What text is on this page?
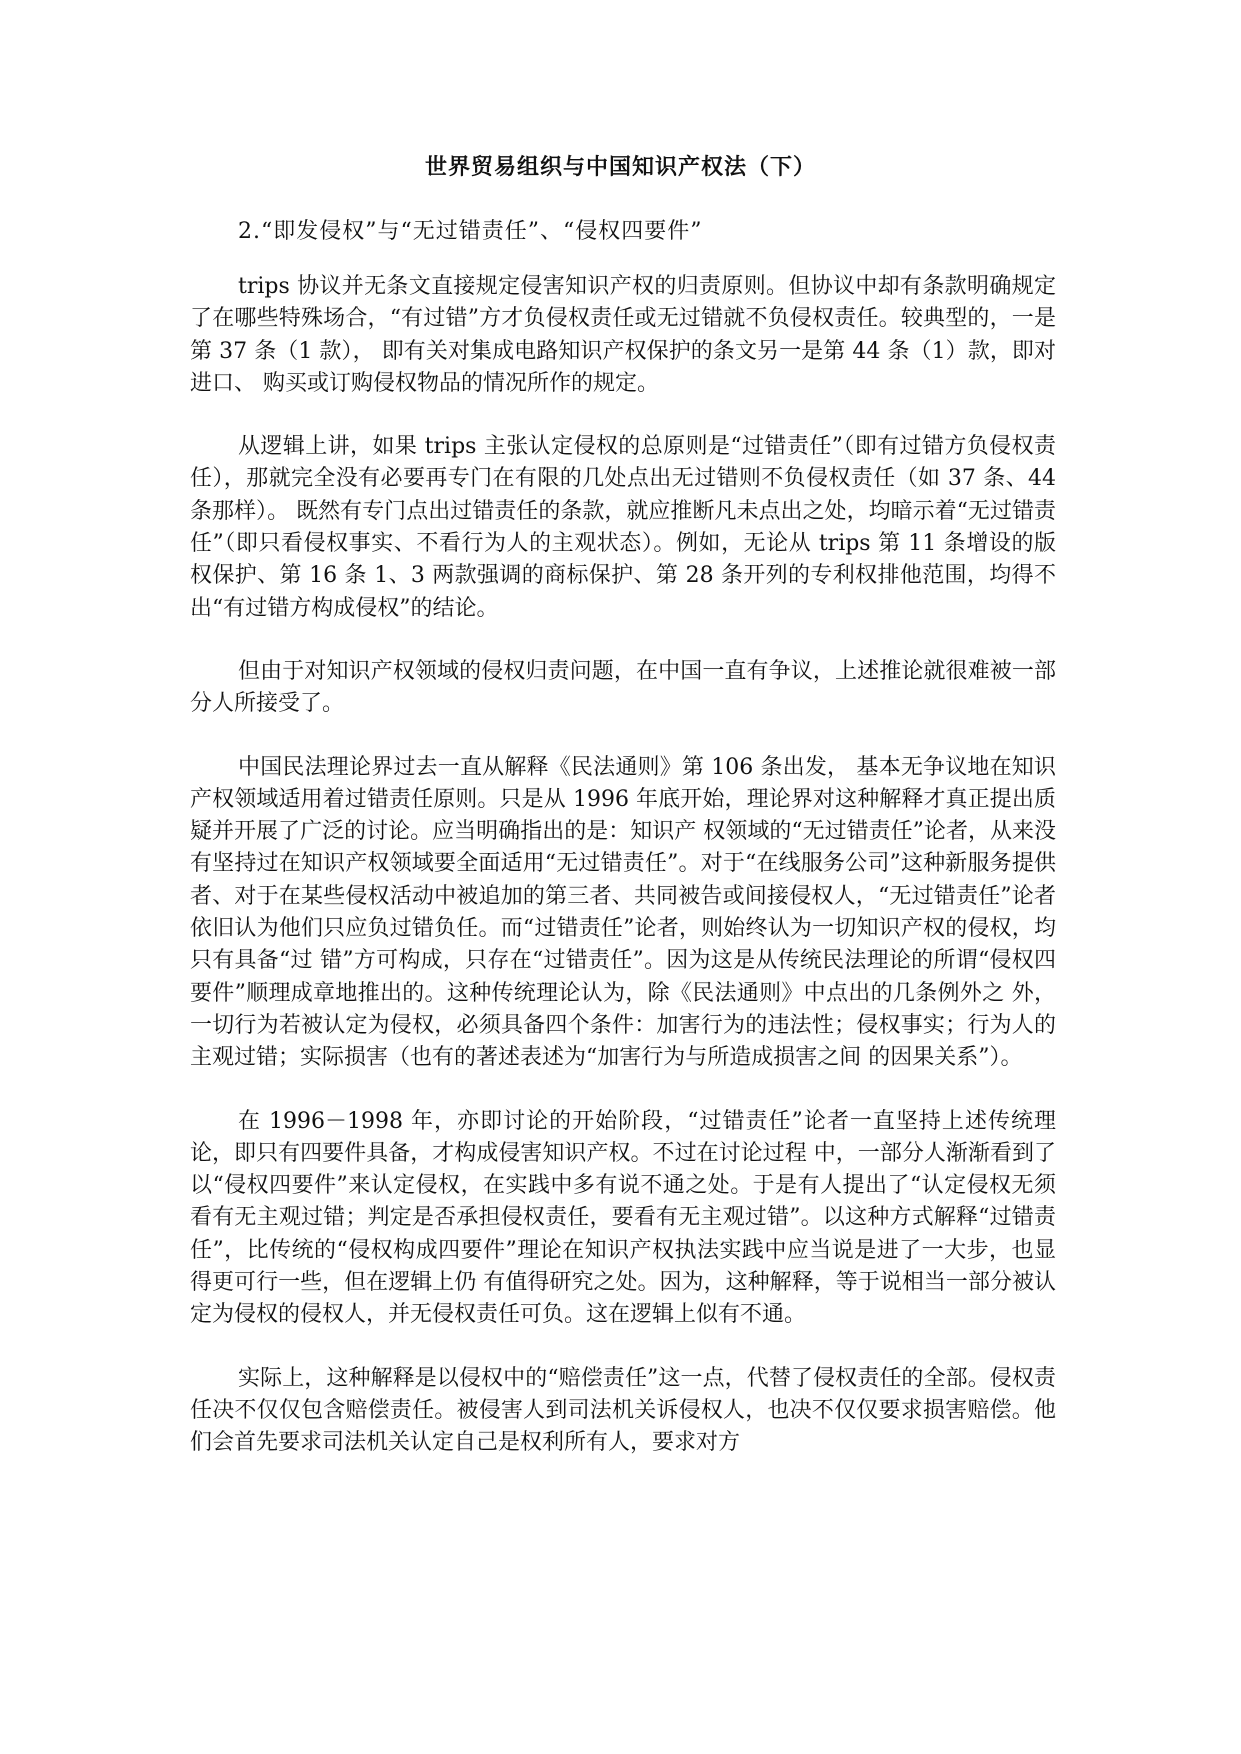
世界贸易组织与中国知识产权法（下）

2.“即发侵权”与“无过错责任”、“侵权四要件”

trips 协议并无条文直接规定侵害知识产权的归责原则。但协议中却有条款明确规定了在哪些特殊场合，“有过错”方才负侵权责任或无过错就不负侵权责任。较典型的，一是第 37 条（1 款）， 即有关对集成电路知识产权保护的条文另一是第 44 条（1）款，即对进口、 购买或订购侵权物品的情况所作的规定。

从逻辑上讲，如果 trips 主张认定侵权的总原则是“过错责任”（即有过错方负侵权责任），那就完全没有必要再专门在有限的几处点出无过错则不负侵权责任（如 37 条、44 条那样）。 既然有专门点出过错责任的条款，就应推断凡未点出之处，均暗示着“无过错责任”（即只看侵权事实、不看行为人的主观状态）。例如，无论从 trips 第 11 条增设的版权保护、第 16 条 1、3 两款强调的商标保护、第 28 条开列的专利权排他范围，均得不出“有过错方构成侵权”的结论。

但由于对知识产权领域的侵权归责问题，在中国一直有争议，上述推论就很难被一部分人所接受了。

中国民法理论界过去一直从解释《民法通则》第 106 条出发， 基本无争议地在知识产权领域适用着过错责任原则。只是从 1996 年底开始，理论界对这种解释才真正提出质疑并开展了广泛的讨论。应当明确指出的是：知识产 权领域的“无过错责任”论者，从来没有坚持过在知识产权领域要全面适用“无过错责任”。对于“在线服务公司”这种新服务提供者、对于在某些侵权活动中被追加的第三者、共同被告或间接侵权人，“无过错责任”论者依旧认为他们只应负过错负任。而“过错责任”论者，则始终认为一切知识产权的侵权，均只有具备“过 错”方可构成，只存在“过错责任”。因为这是从传统民法理论的所谓“侵权四要件”顺理成章地推出的。这种传统理论认为，除《民法通则》中点出的几条例外之 外，一切行为若被认定为侵权，必须具备四个条件：加害行为的违法性；侵权事实；行为人的主观过错；实际损害（也有的著述表述为“加害行为与所造成损害之间 的因果关系”）。

在 1996－1998 年，亦即讨论的开始阶段，“过错责任”论者一直坚持上述传统理论，即只有四要件具备，才构成侵害知识产权。不过在讨论过程 中，一部分人渐渐看到了以“侵权四要件”来认定侵权，在实践中多有说不通之处。于是有人提出了“认定侵权无须看有无主观过错；判定是否承担侵权责任，要看有无主观过错”。以这种方式解释“过错责任”，比传统的“侵权构成四要件”理论在知识产权执法实践中应当说是进了一大步，也显得更可行一些，但在逻辑上仍 有值得研究之处。因为，这种解释，等于说相当一部分被认定为侵权的侵权人，并无侵权责任可负。这在逻辑上似有不通。

实际上，这种解释是以侵权中的“赔偿责任”这一点，代替了侵权责任的全部。侵权责任决不仅仅包含赔偿责任。被侵害人到司法机关诉侵权人，也决不仅仅要求损害赔偿。他们会首先要求司法机关认定自己是权利所有人，要求对方
